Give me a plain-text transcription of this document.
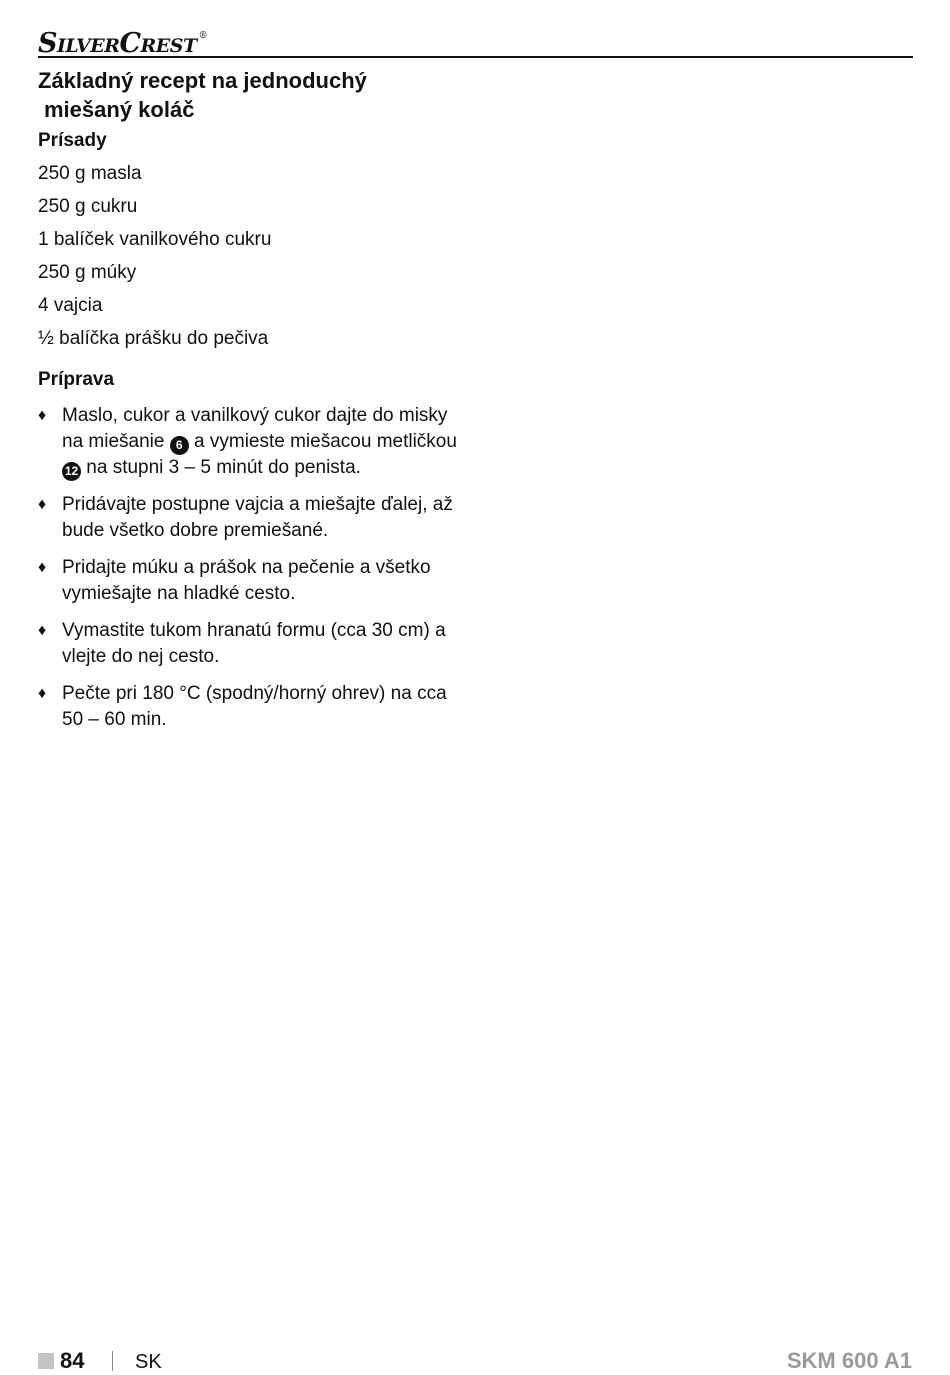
SilverCrest ®
Základný recept na jednoduchý
miešaný koláč
Prísady
250 g masla
250 g cukru
1 balíček vanilkového cukru
250 g múky
4 vajcia
½ balíčka prášku do pečiva
Príprava
♦ Maslo, cukor a vanilkový cukor dajte do misky na miešanie 6 a vymieste miešacou metličkou 12 na stupni 3 – 5 minút do penista.
♦ Pridávajte postupne vajcia a miešajte ďalej, až bude všetko dobre premiešané.
♦ Pridajte múku a prášok na pečenie a všetko vymiešajte na hladké cesto.
♦ Vymastite tukom hranatú formu (cca 30 cm) a vlejte do nej cesto.
♦ Pečte pri 180 °C (spodný/horný ohrev) na cca 50 – 60 min.
84	SK	SKM 600 A1
